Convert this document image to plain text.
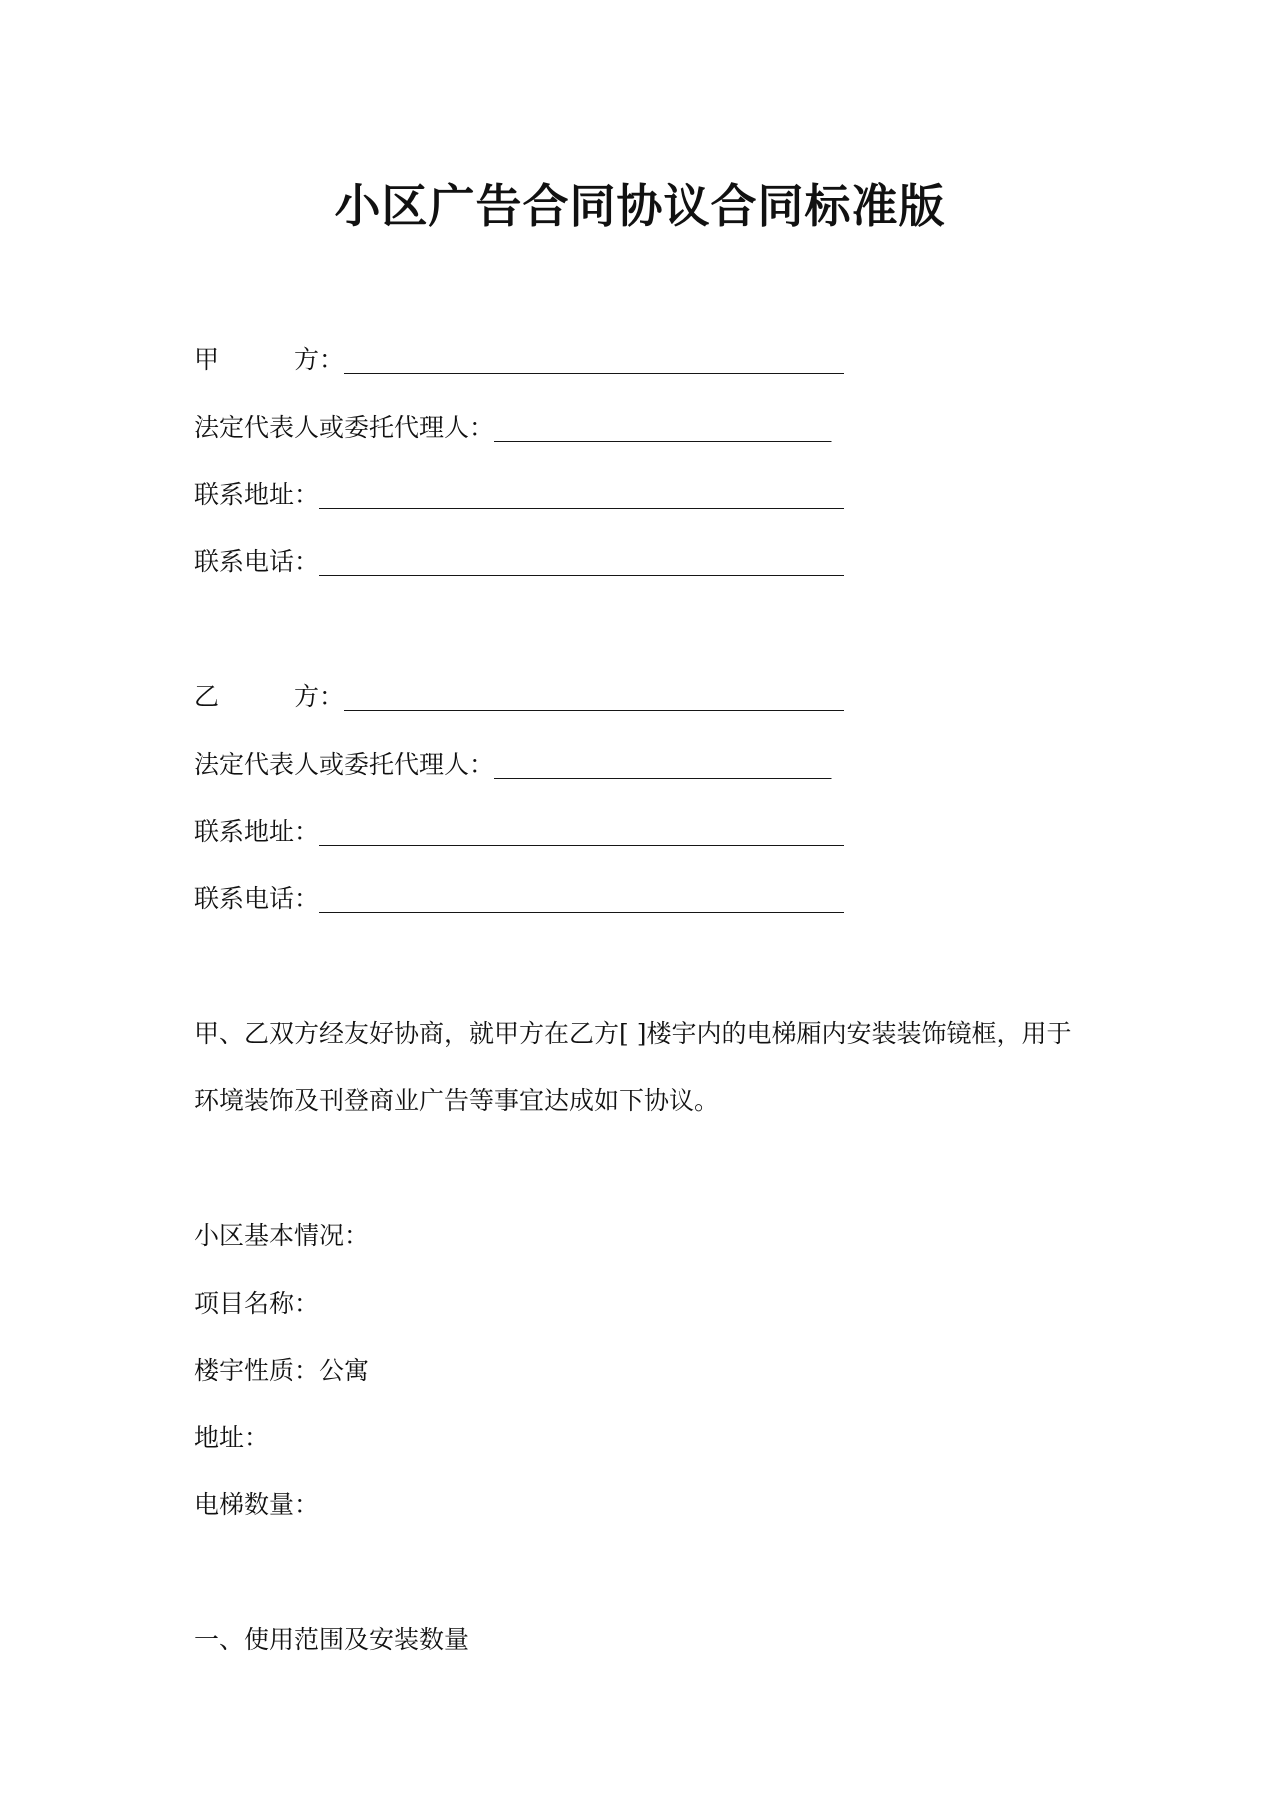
小区广告合同协议合同标准版
甲	方：________________________________________
法定代表人或委托代理人：___________________________
联系地址：__________________________________________
联系电话：__________________________________________
乙	方：________________________________________
法定代表人或委托代理人：___________________________
联系地址：__________________________________________
联系电话：__________________________________________
甲、乙双方经友好协商，就甲方在乙方[ ]楼宇内的电梯厢内安装装饰镜框，用于
环境装饰及刊登商业广告等事宜达成如下协议。
小区基本情况：
项目名称：
楼宇性质：公寓
地址：
电梯数量：
一、使用范围及安装数量
